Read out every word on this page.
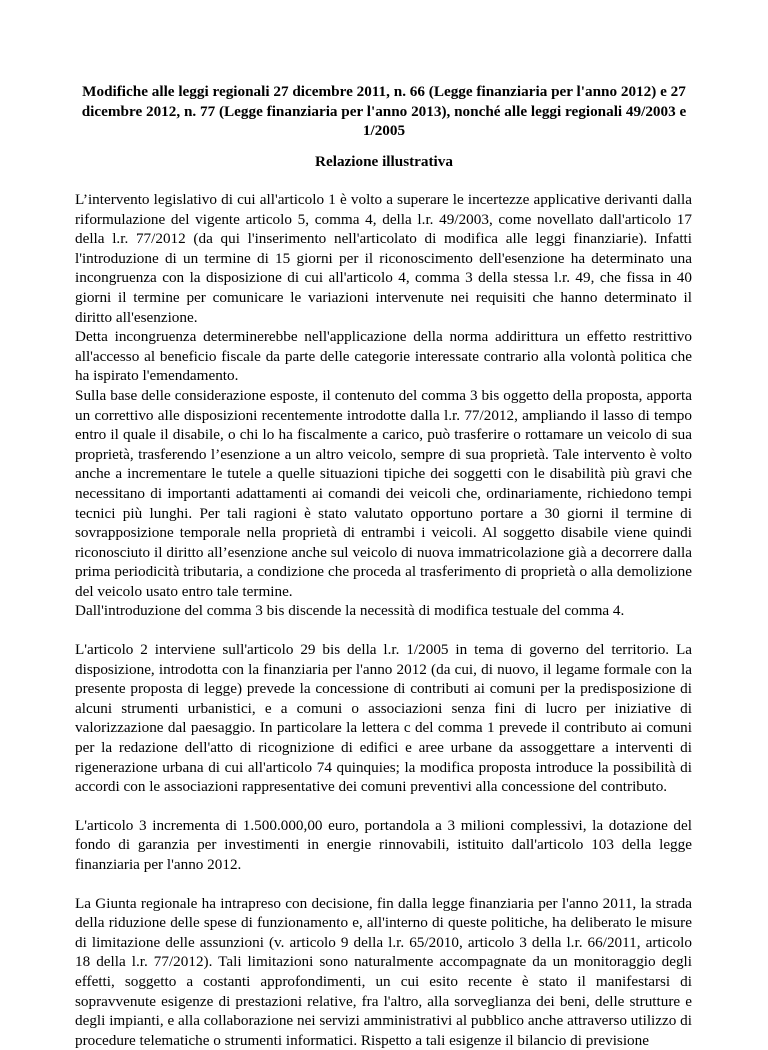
Modifiche alle leggi regionali 27 dicembre 2011, n. 66 (Legge finanziaria per l'anno 2012) e 27 dicembre 2012, n. 77 (Legge finanziaria per l'anno 2013), nonché alle leggi regionali 49/2003 e 1/2005

Relazione illustrativa

L’intervento legislativo di cui all'articolo 1 è volto a superare le incertezze applicative derivanti dalla riformulazione del vigente articolo 5, comma 4, della l.r. 49/2003, come novellato dall'articolo 17 della l.r. 77/2012 (da qui l'inserimento nell'articolato di modifica alle leggi finanziarie). Infatti l'introduzione di un termine di 15 giorni per il riconoscimento dell'esenzione ha determinato una incongruenza con la disposizione di cui all'articolo 4, comma 3 della stessa l.r. 49, che fissa in 40 giorni il termine per comunicare le variazioni intervenute nei requisiti che hanno determinato il diritto all'esenzione.

Detta incongruenza determinerebbe nell'applicazione della norma addirittura un effetto restrittivo all'accesso al beneficio fiscale da parte delle categorie interessate contrario alla volontà politica che ha ispirato l'emendamento.

Sulla base delle considerazione esposte, il contenuto del comma 3 bis oggetto della proposta, apporta un correttivo alle disposizioni recentemente introdotte dalla l.r. 77/2012, ampliando il lasso di tempo entro il quale il disabile, o chi lo ha fiscalmente a carico, può trasferire o rottamare un veicolo di sua proprietà, trasferendo l’esenzione a un altro veicolo, sempre di sua proprietà. Tale intervento è volto anche a incrementare le tutele a quelle situazioni tipiche dei soggetti con le disabilità più gravi che necessitano di importanti adattamenti ai comandi dei veicoli che, ordinariamente, richiedono tempi tecnici più lunghi. Per tali ragioni è stato valutato opportuno portare a 30 giorni il termine di sovrapposizione temporale nella proprietà di entrambi i veicoli. Al soggetto disabile viene quindi riconosciuto il diritto all’esenzione anche sul veicolo di nuova immatricolazione già a decorrere dalla prima periodicità tributaria, a condizione che proceda al trasferimento di proprietà o alla demolizione del veicolo usato entro tale termine.

Dall'introduzione del comma 3 bis discende la necessità di modifica testuale del comma 4.

L'articolo 2 interviene sull'articolo 29 bis della l.r. 1/2005 in tema di governo del territorio. La disposizione, introdotta con la finanziaria per l'anno 2012 (da cui, di nuovo, il legame formale con la presente proposta di legge) prevede la concessione di contributi ai comuni per la predisposizione di alcuni strumenti urbanistici, e a comuni o associazioni senza fini di lucro per iniziative di valorizzazione dal paesaggio. In particolare la lettera c del comma 1 prevede il contributo ai comuni per la redazione dell'atto di ricognizione di edifici e aree urbane da assoggettare a interventi di rigenerazione urbana di cui all'articolo 74 quinquies; la modifica proposta introduce la possibilità di accordi con le associazioni rappresentative dei comuni preventivi alla concessione del contributo.

L'articolo 3 incrementa di 1.500.000,00 euro, portandola a 3 milioni complessivi, la dotazione del fondo di garanzia per investimenti in energie rinnovabili, istituito dall'articolo 103 della legge finanziaria per l'anno 2012.

La Giunta regionale ha intrapreso con decisione, fin dalla legge finanziaria per l'anno 2011, la strada della riduzione delle spese di funzionamento e, all'interno di queste politiche, ha deliberato le misure di limitazione delle assunzioni (v. articolo 9 della l.r. 65/2010, articolo 3 della l.r. 66/2011, articolo 18 della l.r. 77/2012). Tali limitazioni sono naturalmente accompagnate da un monitoraggio degli effetti, soggetto a costanti approfondimenti, un cui esito recente è stato il manifestarsi di sopravvenute esigenze di prestazioni relative, fra l'altro, alla sorveglianza dei beni, delle strutture e degli impianti, e alla collaborazione nei servizi amministrativi al pubblico anche attraverso utilizzo di procedure telematiche o strumenti informatici. Rispetto a tali esigenze il bilancio di previsione
